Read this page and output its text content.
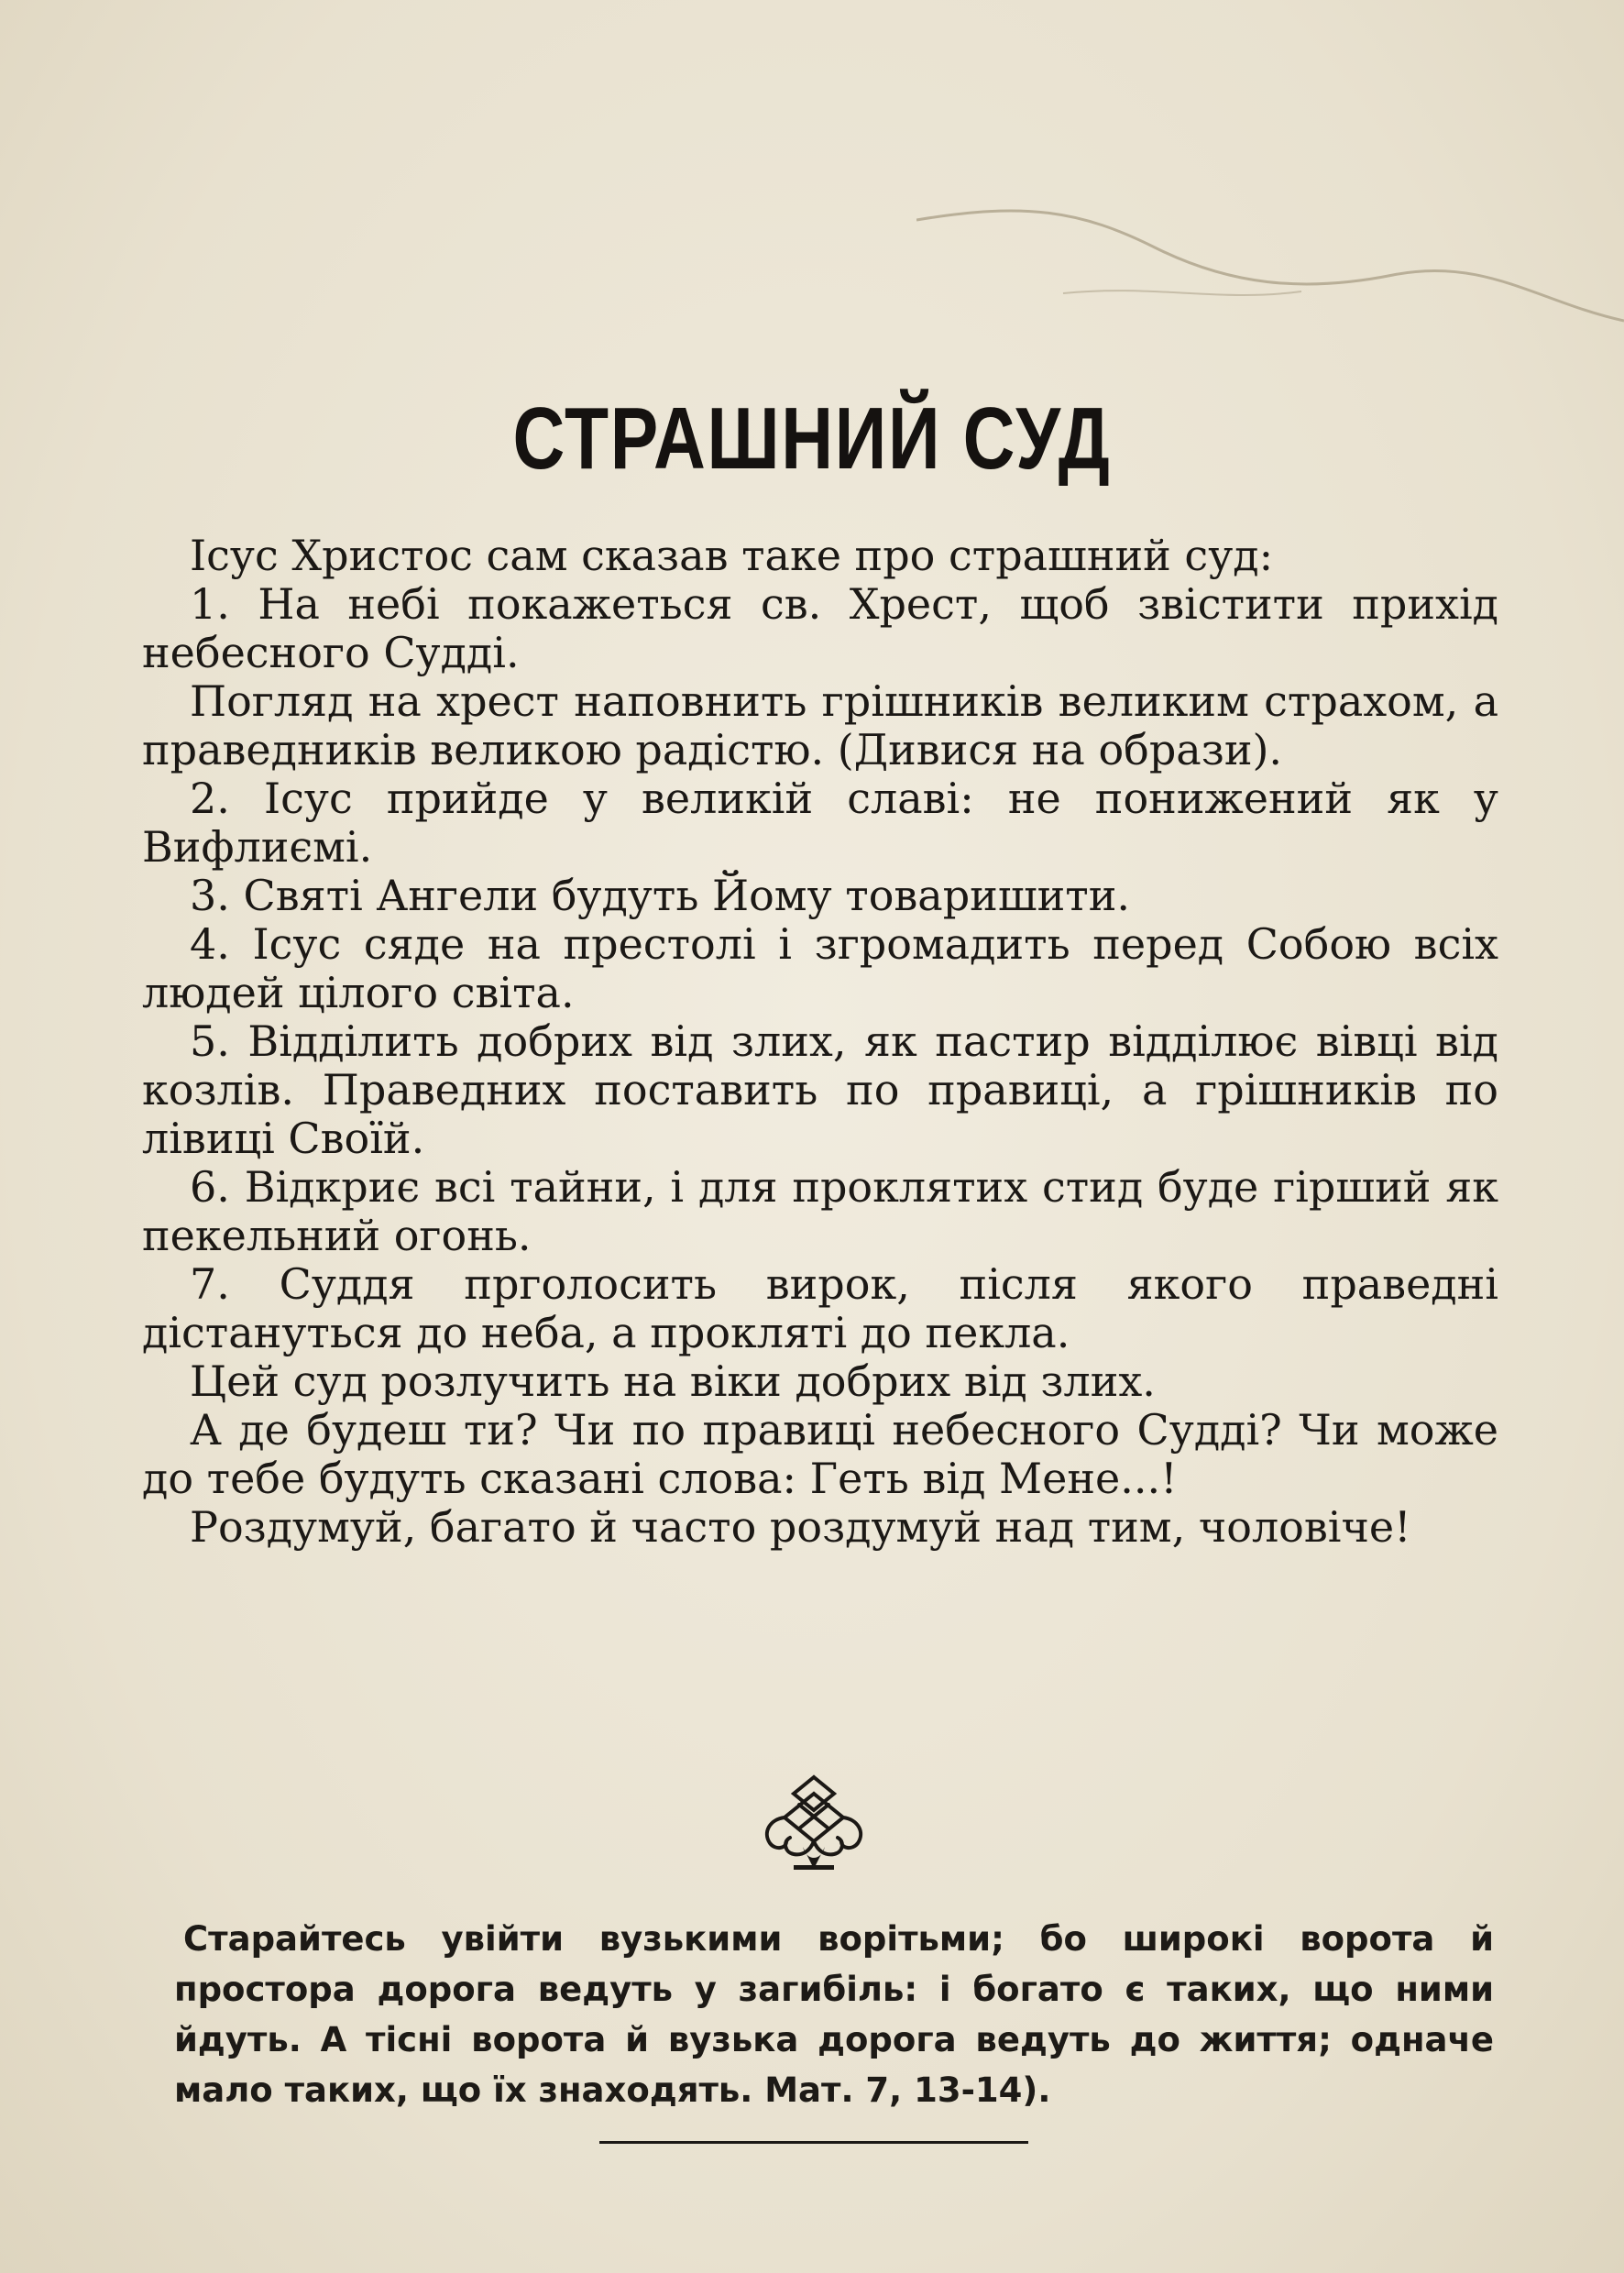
СТРАШНИЙ СУД

Ісус Христос сам сказав таке про страшний суд:

1. На небі покажеться св. Хрест, щоб звістити прихід небесного Судді.

Погляд на хрест наповнить грішників великим страхом, а праведників великою радістю. (Дивися на образи).

2. Ісус прийде у великій славі: не понижений як у Вифлиємі.

3. Святі Ангели будуть Йому товаришити.

4. Ісус сяде на престолі і згромадить перед Собою всіх людей цілого світа.

5. Відділить добрих від злих, як пастир відділює вівці від козлів. Праведних поставить по правиці, а грішників по лівиці Своїй.

6. Відкриє всі тайни, і для проклятих стид буде гірший як пекельний огонь.

7. Суддя прголосить вирок, після якого праведні дістануться до неба, а прокляті до пекла.

Цей суд розлучить на віки добрих від злих.

А де будеш ти? Чи по правиці небесного Судді? Чи може до тебе будуть сказані слова: Геть від Мене...!

Роздумуй, багато й часто роздумуй над тим, чоловіче!

Старайтесь увійти вузькими ворітьми; бо широкі ворота й простора дорога ведуть у загибіль: і богато є таких, що ними йдуть. А тісні ворота й вузька дорога ведуть до життя; одначе мало таких, що їх знаходять. Мат. 7, 13-14).
